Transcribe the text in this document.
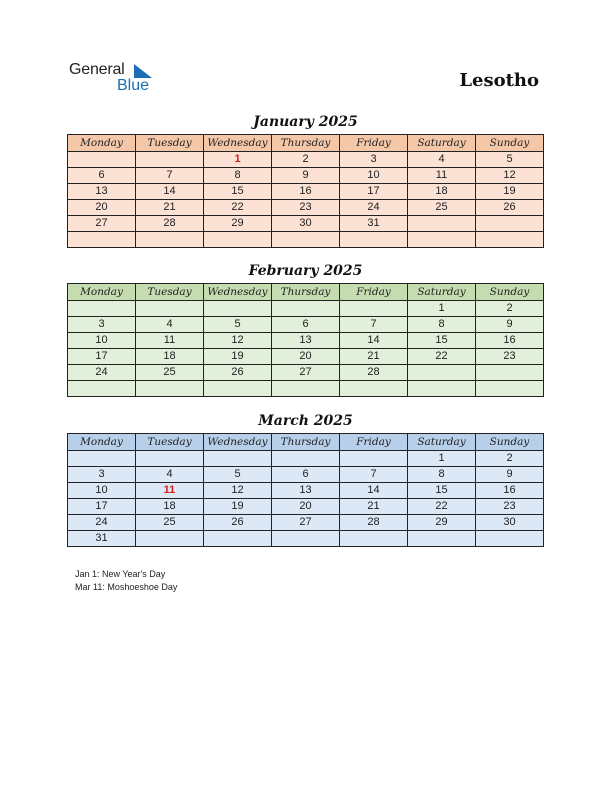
General
Blue	Lesotho
January 2025
Monday	Tuesday	Wednesday	Thursday	Friday	Saturday	Sunday
		1	2	3	4	5
6	7	8	9	10	11	12
13	14	15	16	17	18	19
20	21	22	23	24	25	26
27	28	29	30	31		

February 2025
Monday	Tuesday	Wednesday	Thursday	Friday	Saturday	Sunday
					1	2
3	4	5	6	7	8	9
10	11	12	13	14	15	16
17	18	19	20	21	22	23
24	25	26	27	28		

March 2025
Monday	Tuesday	Wednesday	Thursday	Friday	Saturday	Sunday
					1	2
3	4	5	6	7	8	9
10	11	12	13	14	15	16
17	18	19	20	21	22	23
24	25	26	27	28	29	30
31						
Jan 1: New Year's Day
Mar 11: Moshoeshoe Day
